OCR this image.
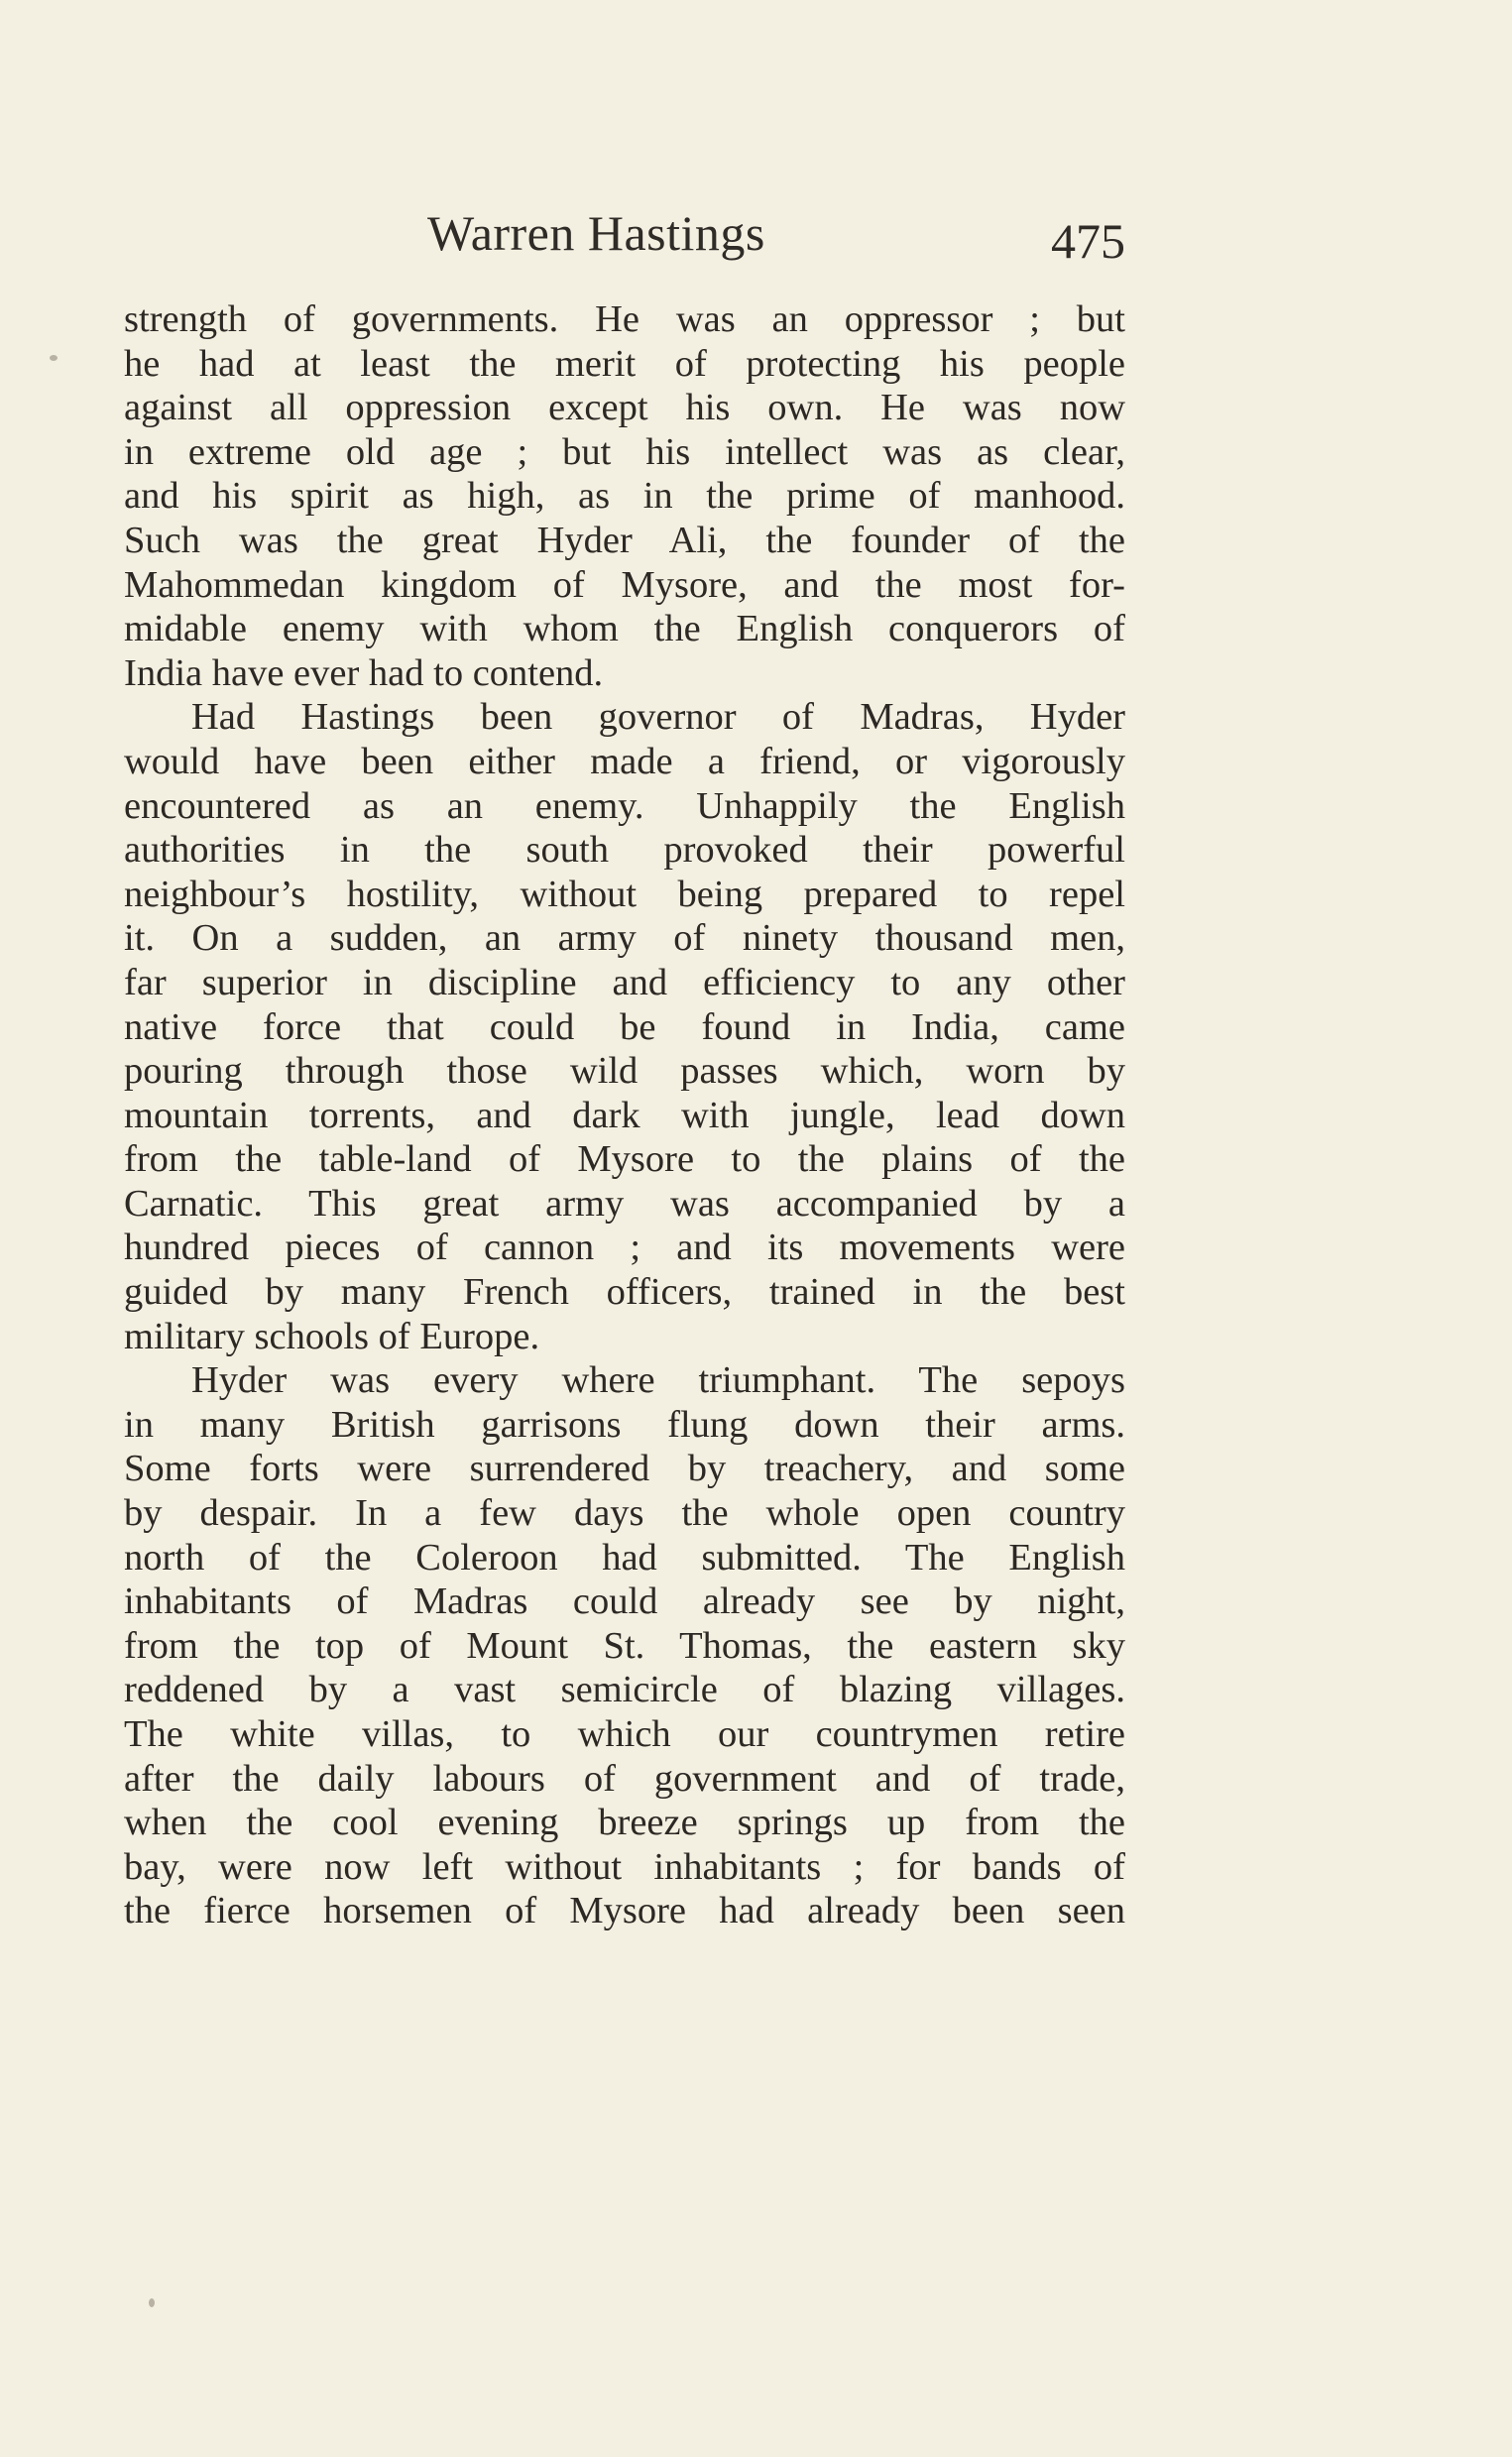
Warren Hastings	475
strength of governments. He was an oppressor ; but
he had at least the merit of protecting his people
against all oppression except his own. He was now
in extreme old age ; but his intellect was as clear,
and his spirit as high, as in the prime of manhood.
Such was the great Hyder Ali, the founder of the
Mahommedan kingdom of Mysore, and the most for-
midable enemy with whom the English conquerors of
India have ever had to contend.
Had Hastings been governor of Madras, Hyder
would have been either made a friend, or vigorously
encountered as an enemy. Unhappily the English
authorities in the south provoked their powerful
neighbour’s hostility, without being prepared to repel
it. On a sudden, an army of ninety thousand men,
far superior in discipline and efficiency to any other
native force that could be found in India, came
pouring through those wild passes which, worn by
mountain torrents, and dark with jungle, lead down
from the table-land of Mysore to the plains of the
Carnatic. This great army was accompanied by a
hundred pieces of cannon ; and its movements were
guided by many French officers, trained in the best
military schools of Europe.
Hyder was every where triumphant. The sepoys
in many British garrisons flung down their arms.
Some forts were surrendered by treachery, and some
by despair. In a few days the whole open country
north of the Coleroon had submitted. The English
inhabitants of Madras could already see by night,
from the top of Mount St. Thomas, the eastern sky
reddened by a vast semicircle of blazing villages.
The white villas, to which our countrymen retire
after the daily labours of government and of trade,
when the cool evening breeze springs up from the
bay, were now left without inhabitants ; for bands of
the fierce horsemen of Mysore had already been seen
